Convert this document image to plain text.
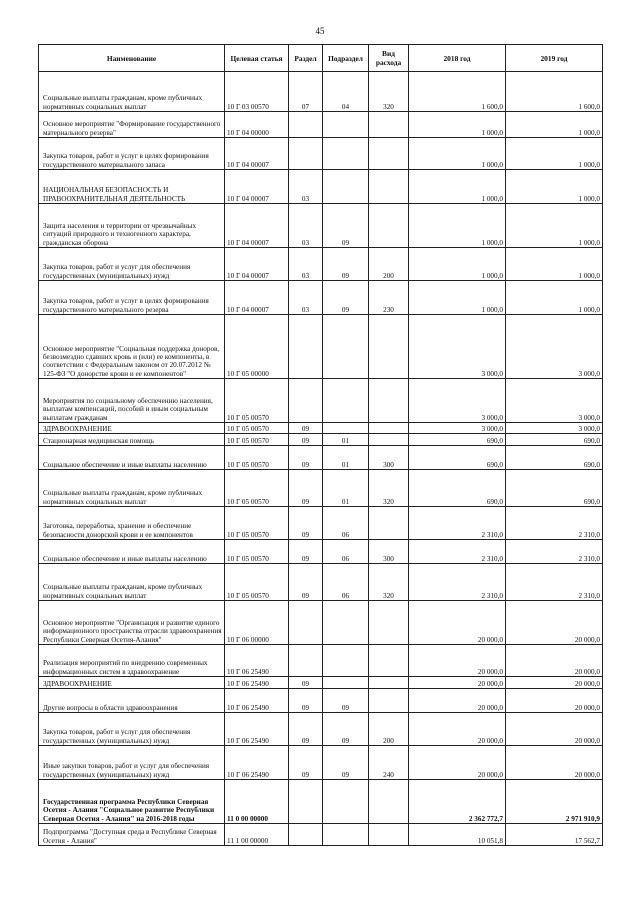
45
Наименование	Целевая статья	Раздел	Подраздел	Вид расхода	2018 год	2019 год
Социальные выплаты гражданам, кроме публичных нормативных социальных выплат	10 Г 03 00570	07	04	320	1 600,0	1 600,0
Основное мероприятие "Формирование государственного материального резерва"	10 Г 04 00000				1 000,0	1 000,0
Закупка товаров, работ и услуг в целях формирования государственного материального запаса	10 Г 04 00007				1 000,0	1 000,0
НАЦИОНАЛЬНАЯ БЕЗОПАСНОСТЬ И ПРАВООХРАНИТЕЛЬНАЯ ДЕЯТЕЛЬНОСТЬ	10 Г 04 00007	03			1 000,0	1 000,0
Защита населения и территории от чрезвычайных ситуаций природного и техногенного характера, гражданская оборона	10 Г 04 00007	03	09		1 000,0	1 000,0
Закупка товаров, работ и услуг для обеспечения государственных (муниципальных) нужд	10 Г 04 00007	03	09	200	1 000,0	1 000,0
Закупка товаров, работ и услуг в целях формирования государственного материального резерва	10 Г 04 00007	03	09	230	1 000,0	1 000,0
Основное мероприятие "Социальная поддержка доноров, безвозмездно сдавших кровь и (или) ее компоненты, в соответствии с Федеральным законом от 20.07.2012 № 125-ФЗ "О донорстве крови и ее компонентов"	10 Г 05 00000				3 000,0	3 000,0
Мероприятия по социальному обеспечению населения, выплатам компенсаций, пособий и иным социальным выплатам гражданам	10 Г 05 00570				3 000,0	3 000,0
ЗДРАВООХРАНЕНИЕ	10 Г 05 00570	09			3 000,0	3 000,0
Стационарная медицинская помощь	10 Г 05 00570	09	01		690,0	690,0
Социальное обеспечение и иные выплаты населению	10 Г 05 00570	09	01	300	690,0	690,0
Социальные выплаты гражданам, кроме публичных нормативных социальных выплат	10 Г 05 00570	09	01	320	690,0	690,0
Заготовка, переработка, хранение и обеспечение безопасности донорской крови и ее компонентов	10 Г 05 00570	09	06		2 310,0	2 310,0
Социальное обеспечение и иные выплаты населению	10 Г 05 00570	09	06	300	2 310,0	2 310,0
Социальные выплаты гражданам, кроме публичных нормативных социальных выплат	10 Г 05 00570	09	06	320	2 310,0	2 310,0
Основное мероприятие "Организация и развитие единого информационного пространства отрасли здравоохранения Республики Северная Осетия-Алания"	10 Г 06 00000				20 000,0	20 000,0
Реализация мероприятий по внедрению современных информационных систем в здравоохранение	10 Г 06 25490				20 000,0	20 000,0
ЗДРАВООХРАНЕНИЕ	10 Г 06 25490	09			20 000,0	20 000,0
Другие вопросы в области здравоохранения	10 Г 06 25490	09	09		20 000,0	20 000,0
Закупка товаров, работ и услуг для обеспечения государственных (муниципальных) нужд	10 Г 06 25490	09	09	200	20 000,0	20 000,0
Иные закупки товаров, работ и услуг для обеспечения государственных (муниципальных) нужд	10 Г 06 25490	09	09	240	20 000,0	20 000,0
Государственная программа Республики Северная Осетия - Алания "Социальное развитие Республики Северная Осетия - Алания" на 2016-2018 годы	11 0 00 00000				2 362 772,7	2 971 910,9
Подпрограмма "Доступная среда в Республике Северная Осетия - Алания"	11 1 00 00000				10 051,8	17 562,7
